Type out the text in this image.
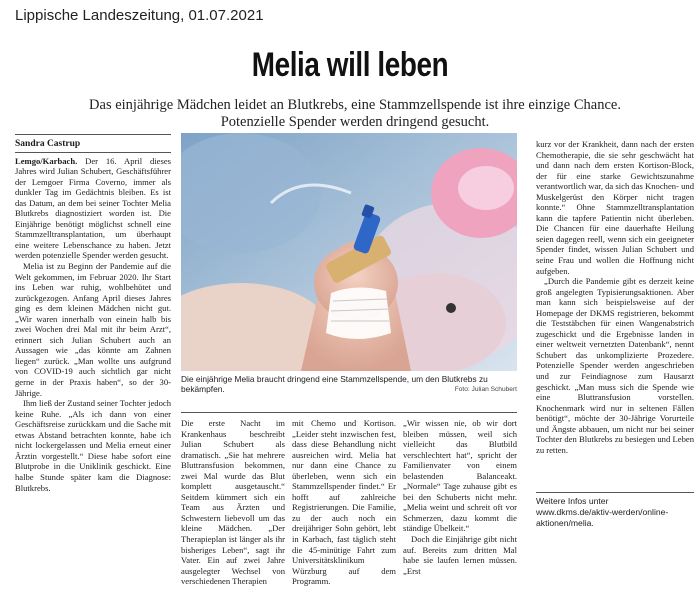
Lippische Landeszeitung, 01.07.2021
Melia will leben
Das einjährige Mädchen leidet an Blutkrebs, eine Stammzellspende ist ihre einzige Chance.
Potenzielle Spender werden dringend gesucht.
Sandra Castrup

Lemgo/Karbach. Der 16. April dieses Jahres wird Julian Schubert, Geschäftsführer der Lemgoer Firma Coverno, immer als dunkler Tag im Gedächtnis bleiben. Es ist das Datum, an dem bei seiner Tochter Melia Blutkrebs diagnostiziert worden ist. Die Einjährige benötigt möglichst schnell eine Stammzelltransplantation, um überhaupt eine weitere Lebenschance zu haben. Jetzt werden potenzielle Spender werden gesucht.

Melia ist zu Beginn der Pandemie auf die Welt gekommen, im Februar 2020. Ihr Start ins Leben war ruhig, wohlbehütet und zurückgezogen. Anfang April dieses Jahres ging es dem kleinen Mädchen nicht gut. „Wir waren innerhalb von einein halb bis zwei Wochen drei Mal mit ihr beim Arzt“, erinnert sich Julian Schubert auch an Aussagen wie „das könnte am Zahnen liegen“ zurück. „Man wollte uns aufgrund von COVID-19 auch sichtlich gar nicht gerne in der Praxis haben“, so der 30-Jährige.

Ihm ließ der Zustand seiner Tochter jedoch keine Ruhe. „Als ich dann von einer Geschäftsreise zurückkam und die Sache mit etwas Abstand betrachten konnte, habe ich nicht lockergelassen und Melia erneut einer Ärztin vorgestellt.“ Diese habe sofort eine Blutprobe in die Uniklinik geschickt. Eine halbe Stunde später kam die Diagnose: Blutkrebs.

Die einjährige Melia braucht dringend eine Stammzellspende, um den Blutkrebs zu bekämpfen.	Foto: Julian Schubert

Die erste Nacht im Krankenhaus beschreibt Julian Schubert als dramatisch. „Sie hat mehrere Bluttransfusion bekommen, zwei Mal wurde das Blut komplett ausgetauscht.“ Seitdem kümmert sich ein Team aus Ärzten und Schwestern liebevoll um das kleine Mädchen. „Der Therapieplan ist länger als ihr bisheriges Leben“, sagt ihr Vater. Ein auf zwei Jahre ausgelegter Wechsel von verschiedenen Therapien

mit Chemo und Kortison. „Leider steht inzwischen fest, dass diese Behandlung nicht ausreichen wird. Melia hat nur dann eine Chance zu überleben, wenn sich ein Stammzellspender findet.“ Er hofft auf zahlreiche Registrierungen. Die Familie, zu der auch noch ein dreijähriger Sohn gehört, lebt in Karbach, fast täglich steht die 45-minütige Fahrt zum Universitätsklinikum Würzburg auf dem Programm.

„Wir wissen nie, ob wir dort bleiben müssen, weil sich vielleicht das Blutbild verschlechtert hat“, spricht der Familienvater von einem belastenden Balanceakt. „Normale“ Tage zuhause gibt es bei den Schuberts nicht mehr. „Melia weint und schreit oft vor Schmerzen, dazu kommt die ständige Übelkeit.“

Doch die Einjährige gibt nicht auf. Bereits zum dritten Mal habe sie laufen lernen müssen. „Erst

kurz vor der Krankheit, dann nach der ersten Chemotherapie, die sie sehr geschwächt hat und dann nach dem ersten Kortison-Block, der für eine starke Gewichtszunahme verantwortlich war, da sich das Knochen- und Muskelgerüst den Körper nicht tragen konnte.“ Ohne Stammzelltransplantation kann die tapfere Patientin nicht überleben. Die Chancen für eine dauerhafte Heilung seien dagegen reell, wenn sich ein geeigneter Spender findet, wissen Julian Schubert und seine Frau und wollen die Hoffnung nicht aufgeben.

„Durch die Pandemie gibt es derzeit keine groß angelegten Typisierungsaktionen. Aber man kann sich beispielsweise auf der Homepage der DKMS registrieren, bekommt die Teststäbchen für einen Wangenabstrich zugeschickt und die Ergebnisse landen in einer weltweit vernetzten Datenbank“, nennt Schubert das unkomplizierte Prozedere. Potenzielle Spender werden angeschrieben und zur Feindiagnose zum Hausarzt geschickt. „Man muss sich die Spende wie eine Bluttransfusion vorstellen. Knochenmark wird nur in seltenen Fällen benötigt“, möchte der 30-Jährige Vorurteile und Ängste abbauen, um nicht nur bei seiner Tochter den Blutkrebs zu besiegen und Leben zu retten.

Weitere Infos unter
www.dkms.de/aktiv-werden/online-aktionen/melia.
